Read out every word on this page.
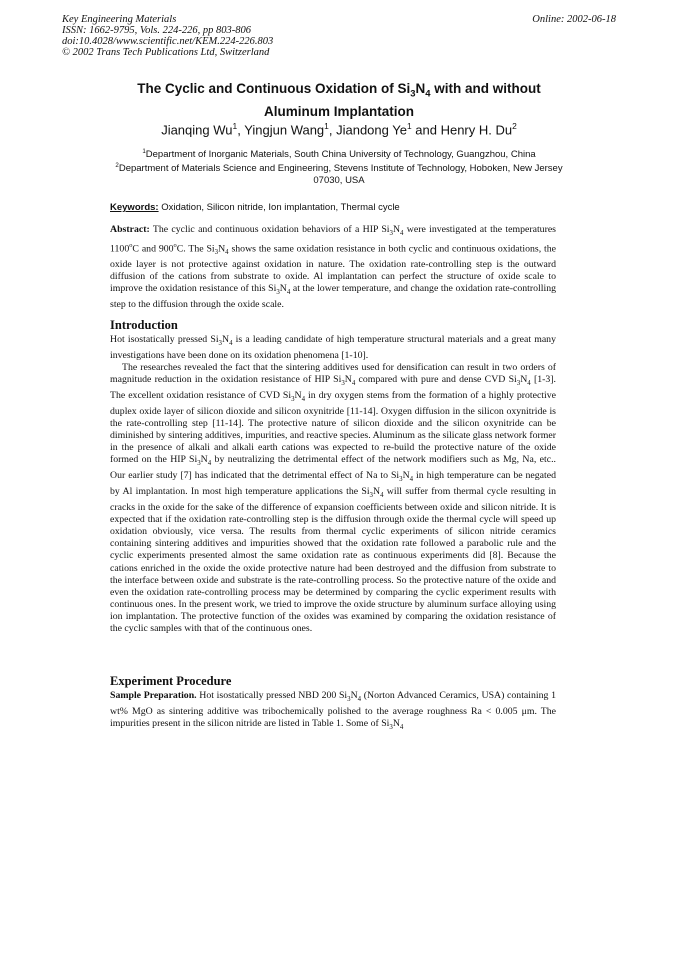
Key Engineering Materials
ISSN: 1662-9795, Vols. 224-226, pp 803-806
doi:10.4028/www.scientific.net/KEM.224-226.803
© 2002 Trans Tech Publications Ltd, Switzerland
Online: 2002-06-18
The Cyclic and Continuous Oxidation of $Si_3N_4$ with and without
Aluminum Implantation
Jianqing Wu$^1$, Yingjun Wang$^1$, Jiandong Ye$^1$ and Henry H. Du$^2$
$^1$Department of Inorganic Materials, South China University of Technology, Guangzhou, China
$^2$Department of Materials Science and Engineering, Stevens Institute of Technology, Hoboken, New Jersey 07030, USA
Keywords: Oxidation, Silicon nitride, Ion implantation, Thermal cycle

Abstract: The cyclic and continuous oxidation behaviors of a HIP $Si_3N_4$ were investigated at the temperatures 1100$^o$C and 900$^o$C. The $Si_3N_4$ shows the same oxidation resistance in both cyclic and continuous oxidations, the oxide layer is not protective against oxidation in nature. The oxidation rate-controlling step is the outward diffusion of the cations from substrate to oxide. Al implantation can perfect the structure of oxide scale to improve the oxidation resistance of this $Si_3N_4$ at the lower temperature, and change the oxidation rate-controlling step to the diffusion through the oxide scale.

Introduction

Hot isostatically pressed $Si_3N_4$ is a leading candidate of high temperature structural materials and a great many investigations have been done on its oxidation phenomena [1-10].

The researches revealed the fact that the sintering additives used for densification can result in two orders of magnitude reduction in the oxidation resistance of HIP $Si_3N_4$ compared with pure and dense CVD $Si_3N_4$ [1-3]. The excellent oxidation resistance of CVD $Si_3N_4$ in dry oxygen stems from the formation of a highly protective duplex oxide layer of silicon dioxide and silicon oxynitride [11-14]. Oxygen diffusion in the silicon oxynitride is the rate-controlling step [11-14]. The protective nature of silicon dioxide and the silicon oxynitride can be diminished by sintering additives, impurities, and reactive species. Aluminum as the silicate glass network former in the presence of alkali and alkali earth cations was expected to re-build the protective nature of the oxide formed on the HIP $Si_3N_4$ by neutralizing the detrimental effect of the network modifiers such as Mg, Na, etc.. Our earlier study [7] has indicated that the detrimental effect of Na to $Si_3N_4$ in high temperature can be negated by Al implantation. In most high temperature applications the $Si_3N_4$ will suffer from thermal cycle resulting in cracks in the oxide for the sake of the difference of expansion coefficients between oxide and silicon nitride. It is expected that if the oxidation rate-controlling step is the diffusion through oxide the thermal cycle will speed up oxidation obviously, vice versa. The results from thermal cyclic experiments of silicon nitride ceramics containing sintering additives and impurities showed that the oxidation rate followed a parabolic rule and the cyclic experiments presented almost the same oxidation rate as continuous experiments did [8]. Because the cations enriched in the oxide the oxide protective nature had been destroyed and the diffusion from substrate to the interface between oxide and substrate is the rate-controlling process. So the protective nature of the oxide and even the oxidation rate-controlling process may be determined by comparing the cyclic experiment results with continuous ones. In the present work, we tried to improve the oxide structure by aluminum surface alloying using ion implantation. The protective function of the oxides was examined by comparing the oxidation resistance of the cyclic samples with that of the continuous ones.

Experiment Procedure

Sample Preparation. Hot isostatically pressed NBD 200 $Si_3N_4$ (Norton Advanced Ceramics, USA) containing 1 wt% MgO as sintering additive was tribochemically polished to the average roughness Ra < 0.005 μm. The impurities present in the silicon nitride are listed in Table 1. Some of $Si_3N_4$
